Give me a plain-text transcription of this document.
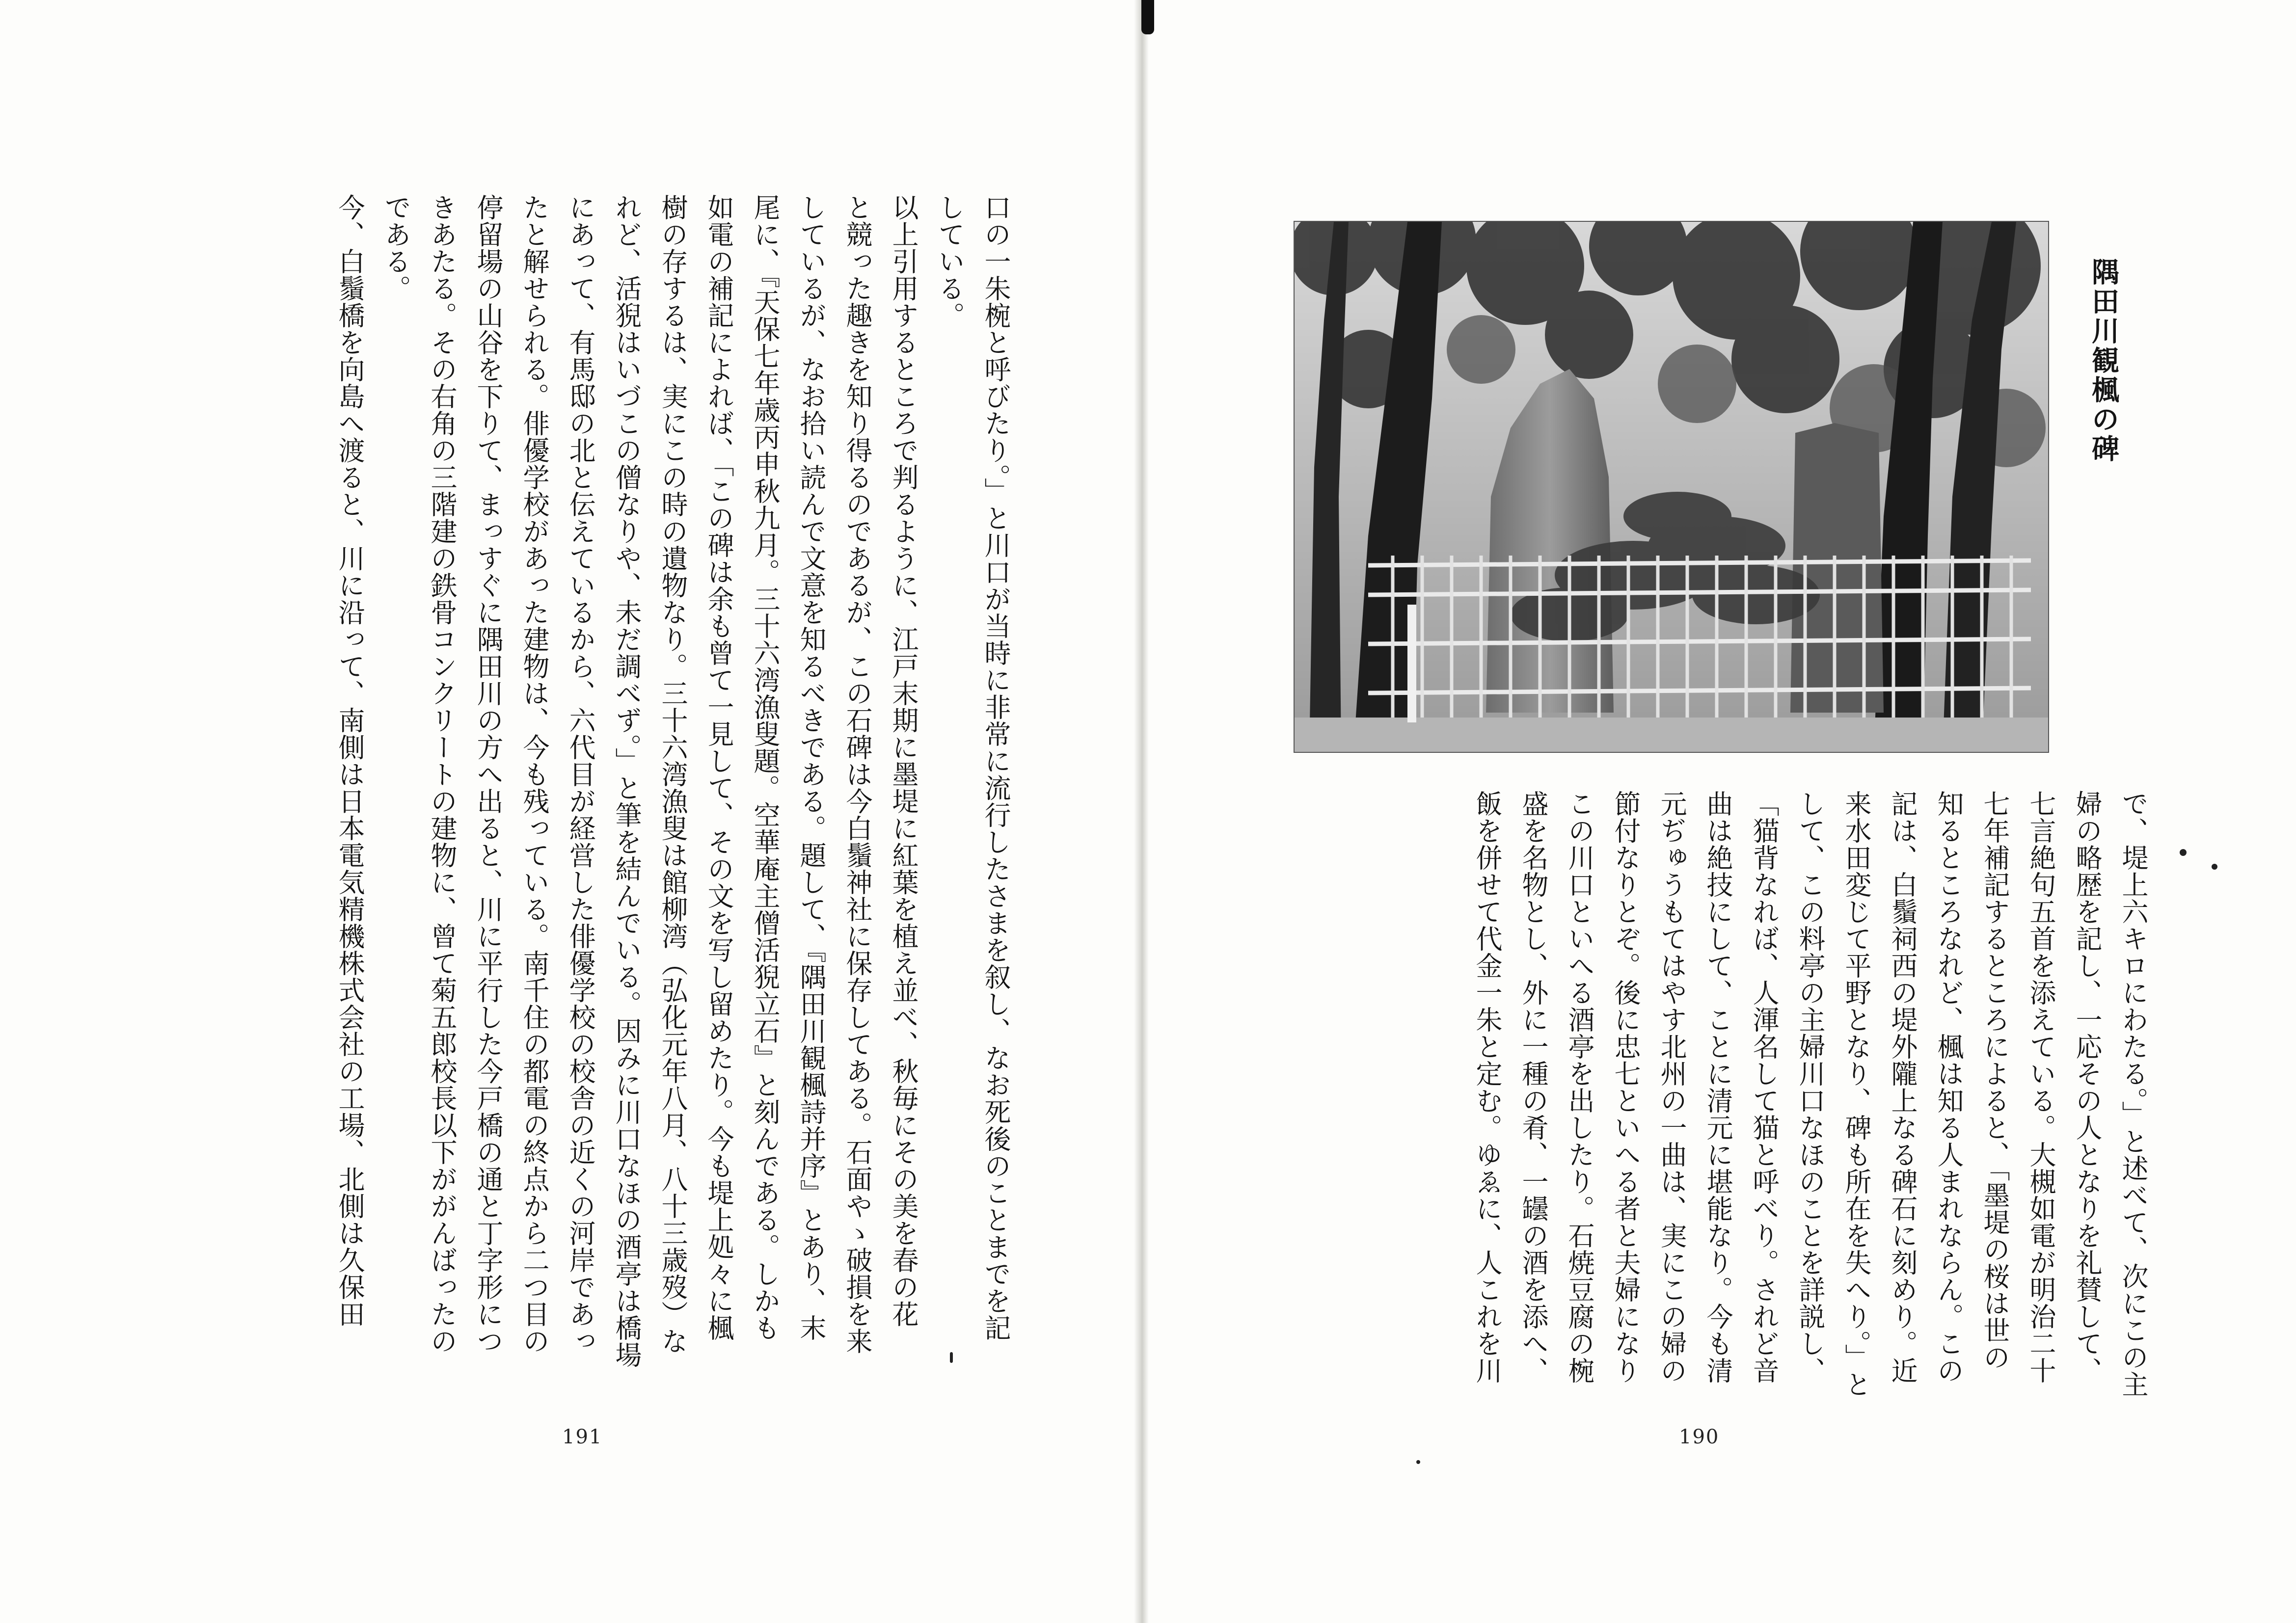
口の一朱椀と呼びたり。」と川口が当時に非常に流行したさまを叙し、なお死後のことまでを記
している。
以上引用するところで判るように、江戸末期に墨堤に紅葉を植え並べ、秋毎にその美を春の花
と競った趣きを知り得るのであるが、この石碑は今白鬚神社に保存してある。石面やゝ破損を来
しているが、なお拾い読んで文意を知るべきである。題して、『隅田川観楓詩并序』とあり、末
尾に、『天保七年歳丙申秋九月。三十六湾漁叟題。空華庵主僧活猊立石』と刻んである。しかも
如電の補記によれば、「この碑は余も曾て一見して、その文を写し留めたり。今も堤上処々に楓
樹の存するは、実にこの時の遺物なり。三十六湾漁叟は館柳湾（弘化元年八月、八十三歳歿）な
れど、活猊はいづこの僧なりや、未だ調べず。」と筆を結んでいる。因みに川口なほの酒亭は橋場
にあって、有馬邸の北と伝えているから、六代目が経営した俳優学校の校舎の近くの河岸であっ
たと解せられる。俳優学校があった建物は、今も残っている。南千住の都電の終点から二つ目の
停留場の山谷を下りて、まっすぐに隅田川の方へ出ると、川に平行した今戸橋の通と丁字形につ
きあたる。その右角の三階建の鉄骨コンクリートの建物に、曾て菊五郎校長以下ががんばったの
である。
今、白鬚橋を向島へ渡ると、川に沿って、南側は日本電気精機株式会社の工場、北側は久保田
191
隅田川観楓の碑
で、堤上六キロにわたる。」と述べて、次にこの主
婦の略歴を記し、一応その人となりを礼賛して、
七言絶句五首を添えている。大槻如電が明治二十
七年補記するところによると、「墨堤の桜は世の
知るところなれど、楓は知る人まれならん。この
記は、白鬚祠西の堤外隴上なる碑石に刻めり。近
来水田変じて平野となり、碑も所在を失へり。」と
して、この料亭の主婦川口なほのことを詳説し、
「猫背なれば、人渾名して猫と呼べり。されど音
曲は絶技にして、ことに清元に堪能なり。今も清
元ぢゅうもてはやす北州の一曲は、実にこの婦の
節付なりとぞ。後に忠七といへる者と夫婦になり
この川口といへる酒亭を出したり。石焼豆腐の椀
盛を名物とし、外に一種の肴、一罎の酒を添へ、
飯を併せて代金一朱と定む。ゆゑに、人これを川
190
